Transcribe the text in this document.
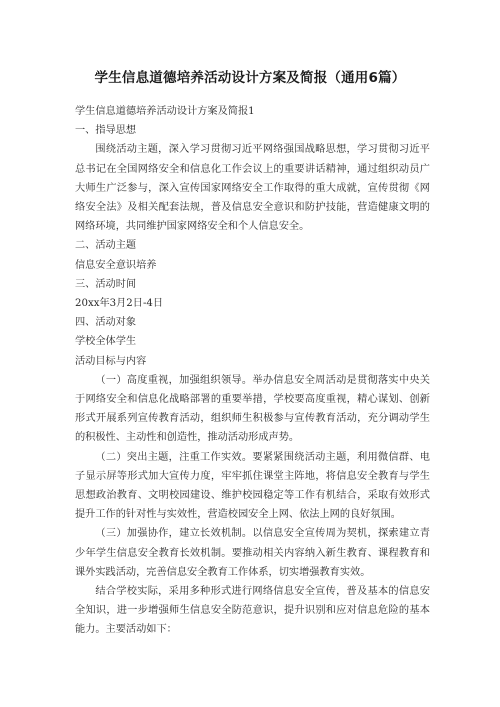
学生信息道德培养活动设计方案及简报（通用6篇）

学生信息道德培养活动设计方案及简报1

一、指导思想

围绕活动主题，深入学习贯彻习近平网络强国战略思想，学习贯彻习近平总书记在全国网络安全和信息化工作会议上的重要讲话精神，通过组织动员广大师生广泛参与，深入宣传国家网络安全工作取得的重大成就，宣传贯彻《网络安全法》及相关配套法规，普及信息安全意识和防护技能，营造健康文明的网络环境，共同维护国家网络安全和个人信息安全。

二、活动主题

信息安全意识培养

三、活动时间

20xx年3月2日-4日

四、活动对象

学校全体学生

活动目标与内容

（一）高度重视，加强组织领导。举办信息安全周活动是贯彻落实中央关于网络安全和信息化战略部署的重要举措，学校要高度重视，精心谋划、创新形式开展系列宣传教育活动，组织师生积极参与宣传教育活动，充分调动学生的积极性、主动性和创造性，推动活动形成声势。

（二）突出主题，注重工作实效。要紧紧围绕活动主题，利用微信群、电子显示屏等形式加大宣传力度，牢牢抓住课堂主阵地，将信息安全教育与学生思想政治教育、文明校园建设、维护校园稳定等工作有机结合，采取有效形式提升工作的针对性与实效性，营造校园安全上网、依法上网的良好氛围。

（三）加强协作，建立长效机制。以信息安全宣传周为契机，探索建立青少年学生信息安全教育长效机制。要推动相关内容纳入新生教育、课程教育和课外实践活动，完善信息安全教育工作体系，切实增强教育实效。

结合学校实际，采用多种形式进行网络信息安全宣传，普及基本的信息安全知识，进一步增强师生信息安全防范意识，提升识别和应对信息危险的基本能力。主要活动如下：
